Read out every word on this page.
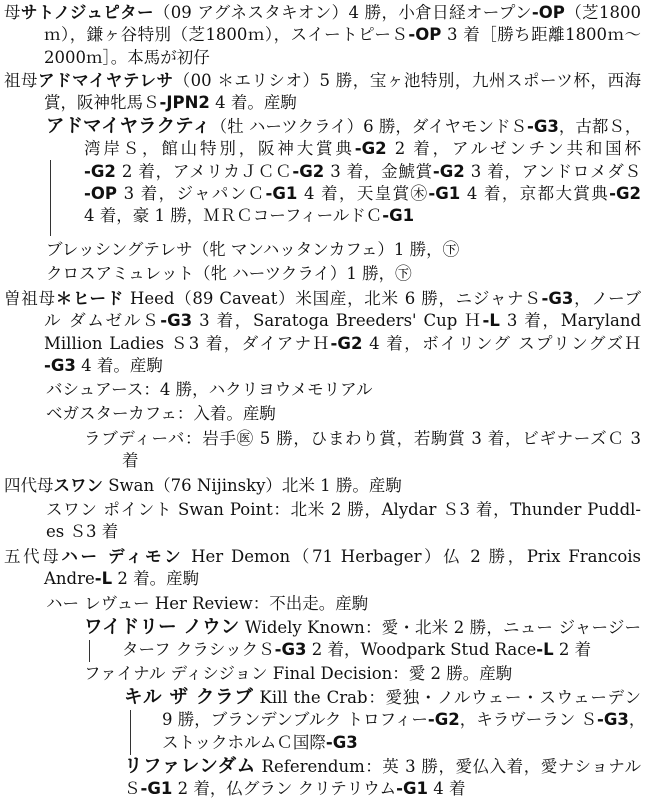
母サトノジュピター（09 アグネスタキオン）4 勝，小倉日経オープン-OP（芝1800

ｍ），鎌ヶ谷特別（芝1800ｍ），スイートピーＳ-OP 3 着［勝ち距離1800ｍ～

2000ｍ］。本馬が初仔

祖母アドマイヤテレサ（00 ＊エリシオ）5 勝，宝ヶ池特別，九州スポーツ杯，西海

賞，阪神牝馬Ｓ-JPN2 4 着。産駒

アドマイヤラクティ（牡 ハーツクライ）6 勝，ダイヤモンドＳ-G3，古都Ｓ，

湾岸Ｓ，館山特別，阪神大賞典-G2 2 着，アルゼンチン共和国杯

-G2 2 着，アメリカＪＣＣ-G2 3 着，金鯱賞-G2 3 着，アンドロメダＳ

-OP 3 着，ジャパンＣ-G1 4 着，天皇賞㊍-G1 4 着，京都大賞典-G2

4 着，豪 1 勝，ＭＲＣコーフィールドＣ-G1

ブレッシングテレサ（牝 マンハッタンカフェ）1 勝，㊦

クロスアミュレット（牝 ハーツクライ）1 勝，㊦

曽祖母＊ヒード Heed（89 Caveat）米国産，北米 6 勝，ニジャナＳ-G3，ノーブ

ル ダムゼルＳ-G3 3 着，Saratoga Breeders' Cup Ｈ-L 3 着，Maryland

Million Ladies Ｓ3 着，ダイアナＨ-G2 4 着，ボイリング スプリングズＨ

-G3 4 着。産駒

バシュアース：4 勝，ハクリヨウメモリアル

ベガスターカフェ：入着。産駒

ラブディーバ：岩手㊩ 5 勝，ひまわり賞，若駒賞 3 着，ビギナーズＣ 3

着

四代母スワン Swan（76 Nijinsky）北米 1 勝。産駒

スワン ポイント Swan Point：北米 2 勝，Alydar Ｓ3 着，Thunder Puddl-

es Ｓ3 着

五代母ハー ディモン Her Demon（71 Herbager）仏 2 勝，Prix Francois

Andre-L 2 着。産駒

ハー レヴュー Her Review：不出走。産駒

ワイドリー ノウン Widely Known：愛・北米 2 勝，ニュー ジャージー

ターフ クラシックＳ-G3 2 着，Woodpark Stud Race-L 2 着

ファイナル ディシジョン Final Decision：愛 2 勝。産駒

キル ザ クラブ Kill the Crab：愛独・ノルウェー・スウェーデン

9 勝，ブランデンブルク トロフィー-G2，キラヴーラン Ｓ-G3，

ストックホルムＣ国際-G3

リファレンダム Referendum：英 3 勝，愛仏入着，愛ナショナル

Ｓ-G1 2 着，仏グラン クリテリウム-G1 4 着
